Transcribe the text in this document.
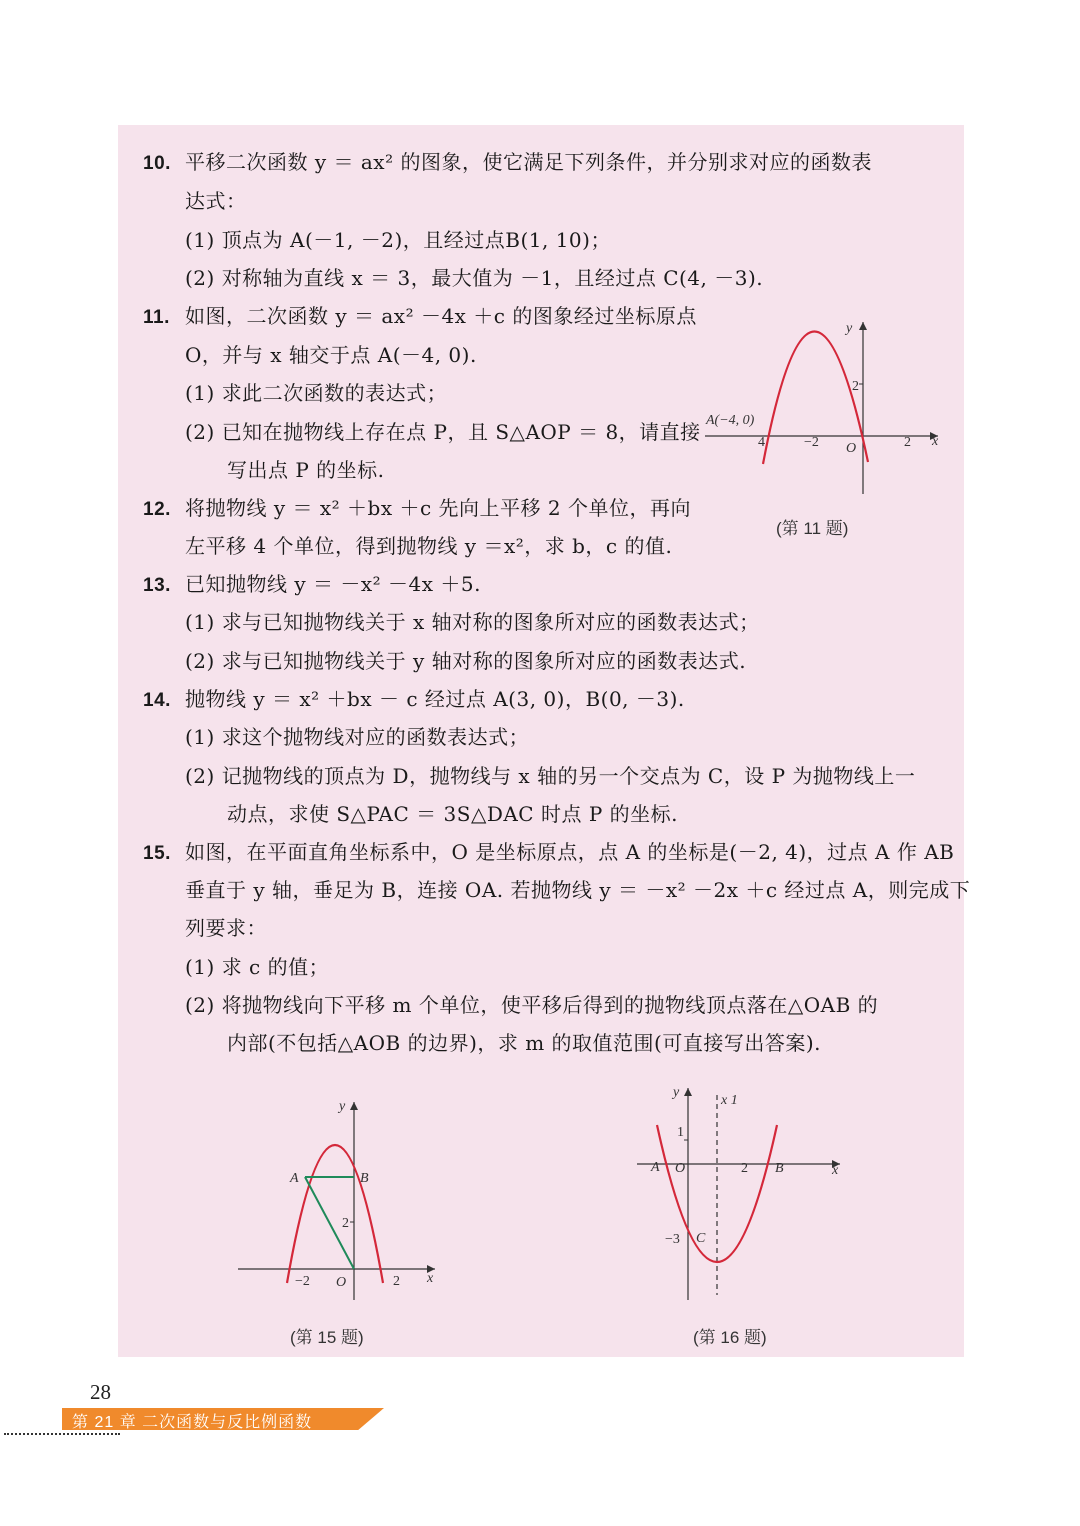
10. 平移二次函数 y ＝ ax² 的图象，使它满足下列条件，并分别求对应的函数表
达式：
(1) 顶点为 A(－1, －2)，且经过点B(1, 10)；
(2) 对称轴为直线 x ＝ 3，最大值为 －1，且经过点 C(4, －3).
11. 如图，二次函数 y ＝ ax² －4x ＋c 的图象经过坐标原点
O，并与 x 轴交于点 A(－4, 0).
(1) 求此二次函数的表达式；
(2) 已知在抛物线上存在点 P，且 S△AOP ＝ 8，请直接
写出点 P 的坐标.
y
x
A(−4, 0)
4	−2 O	2
2
(第 11 题)
12. 将抛物线 y ＝ x² ＋bx ＋c 先向上平移 2 个单位，再向
左平移 4 个单位，得到抛物线 y ＝x²，求 b，c 的值.
13. 已知抛物线 y ＝ －x² －4x ＋5.
(1) 求与已知抛物线关于 x 轴对称的图象所对应的函数表达式；
(2) 求与已知抛物线关于 y 轴对称的图象所对应的函数表达式.
14. 抛物线 y ＝ x² ＋bx － c 经过点 A(3, 0)，B(0, －3).
(1) 求这个抛物线对应的函数表达式；
(2) 记抛物线的顶点为 D，抛物线与 x 轴的另一个交点为 C，设 P 为抛物线上一
动点，求使 S△PAC ＝ 3S△DAC 时点 P 的坐标.
15. 如图，在平面直角坐标系中，O 是坐标原点，点 A 的坐标是(－2, 4)，过点 A 作 AB
垂直于 y 轴，垂足为 B，连接 OA. 若抛物线 y ＝ －x² －2x ＋c 经过点 A，则完成下
列要求：
(1) 求 c 的值；
(2) 将抛物线向下平移 m 个单位，使平移后得到的抛物线顶点落在△OAB 的
内部(不包括△AOB 的边界)，求 m 的取值范围(可直接写出答案).
y
x
A	B
2
−2 O	2
(第 15 题)
y
x
x 1
1
A O	2 B
−3 C
(第 16 题)
28
第 21 章 二次函数与反比例函数
